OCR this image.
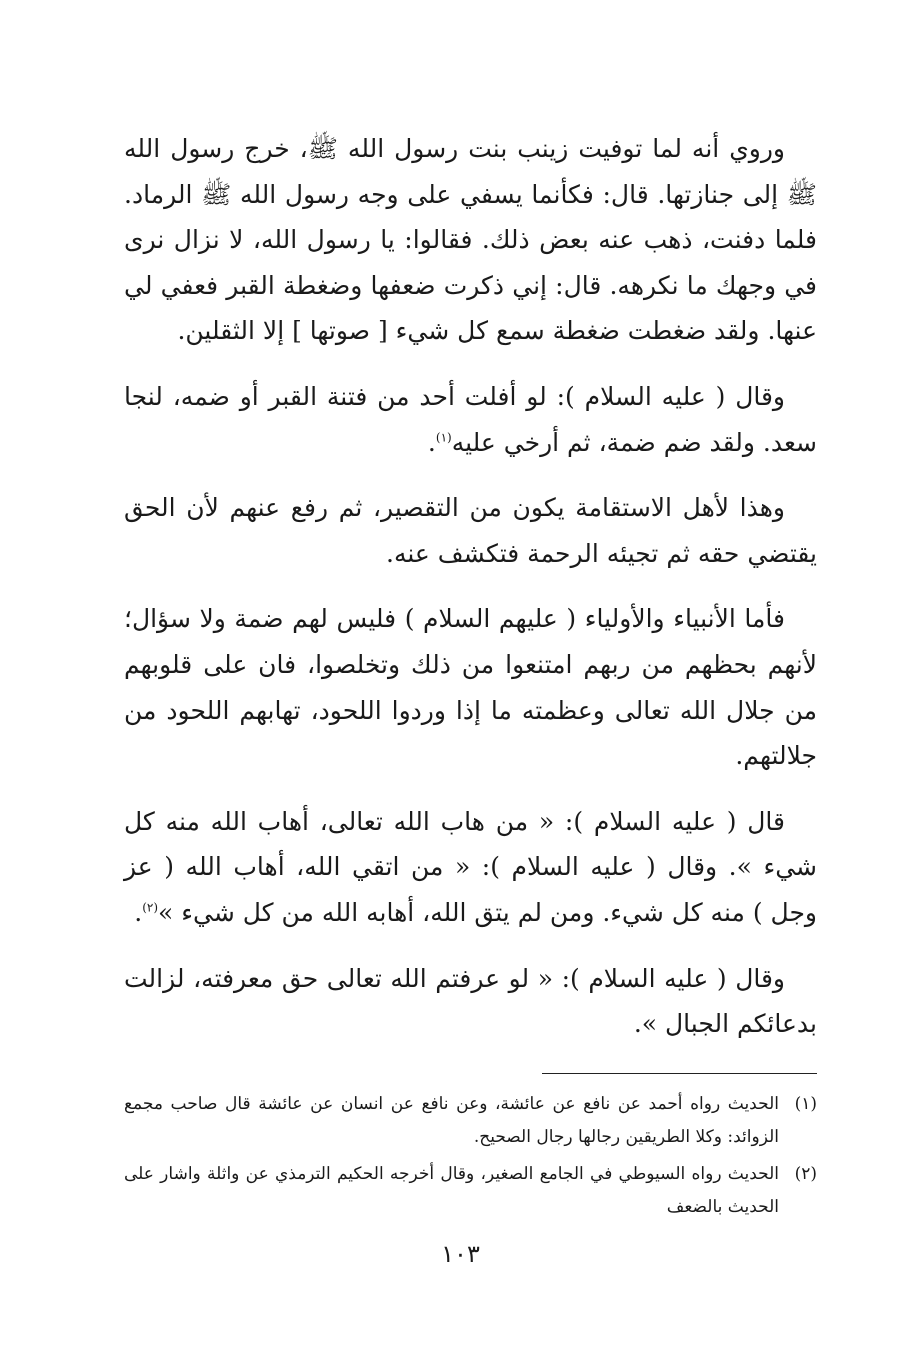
وروي أنه لما توفيت زينب بنت رسول الله ﷺ، خرج رسول الله ﷺ إلى جنازتها. قال: فكأنما يسفي على وجه رسول الله ﷺ الرماد. فلما دفنت، ذهب عنه بعض ذلك. فقالوا: يا رسول الله، لا نزال نرى في وجهك ما نكرهه. قال: إني ذكرت ضعفها وضغطة القبر فعفي لي عنها. ولقد ضغطت ضغطة سمع كل شيء [ صوتها ] إلا الثقلين.

وقال ( عليه السلام ): لو أفلت أحد من فتنة القبر أو ضمه، لنجا سعد. ولقد ضم ضمة، ثم أرخي عليه$^{(١)}$.

وهذا لأهل الاستقامة يكون من التقصير، ثم رفع عنهم لأن الحق يقتضي حقه ثم تجيئه الرحمة فتكشف عنه.

فأما الأنبياء والأولياء ( عليهم السلام ) فليس لهم ضمة ولا سؤال؛ لأنهم بحظهم من ربهم امتنعوا من ذلك وتخلصوا، فان على قلوبهم من جلال الله تعالى وعظمته ما إذا وردوا اللحود، تهابهم اللحود من جلالتهم.

قال ( عليه السلام ): « من هاب الله تعالى، أهاب الله منه كل شيء ». وقال ( عليه السلام ): « من اتقي الله، أهاب الله ( عز وجل ) منه كل شيء. ومن لم يتق الله، أهابه الله من كل شيء »$^{(٢)}$.

وقال ( عليه السلام ): « لو عرفتم الله تعالى حق معرفته، لزالت بدعائكم الجبال ».

(١)
الحديث رواه أحمد عن نافع عن عائشة، وعن نافع عن انسان عن عائشة قال صاحب مجمع الزوائد: وكلا الطريقين رجالها رجال الصحيح.
(٢)
الحديث رواه السيوطي في الجامع الصغير، وقال أخرجه الحكيم الترمذي عن واثلة واشار على الحديث بالضعف
١٠٣
